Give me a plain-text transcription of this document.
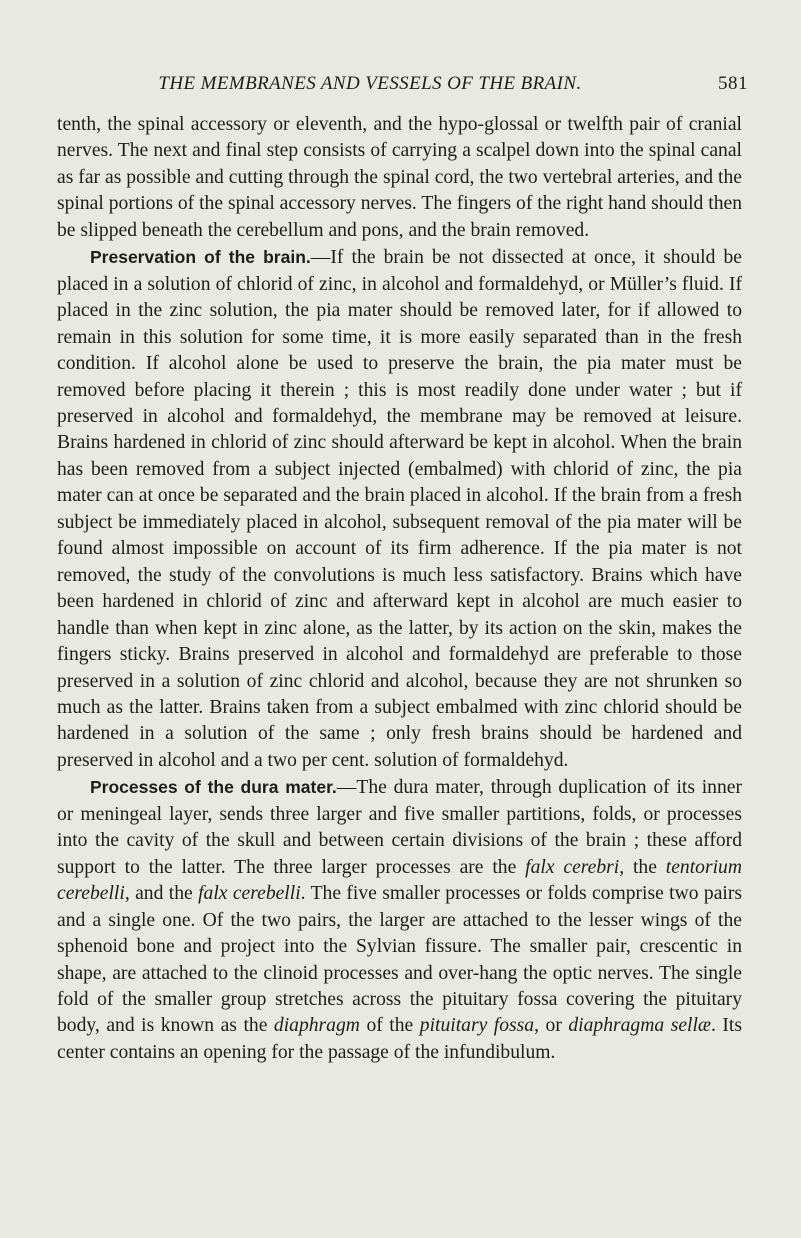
THE MEMBRANES AND VESSELS OF THE BRAIN.	581

tenth, the spinal accessory or eleventh, and the hypo-glossal or twelfth pair of cranial nerves. The next and final step consists of carrying a scalpel down into the spinal canal as far as possible and cutting through the spinal cord, the two vertebral arteries, and the spinal portions of the spinal accessory nerves. The fingers of the right hand should then be slipped beneath the cerebellum and pons, and the brain removed.

Preservation of the brain.—If the brain be not dissected at once, it should be placed in a solution of chlorid of zinc, in alcohol and formaldehyd, or Müller’s fluid. If placed in the zinc solution, the pia mater should be removed later, for if allowed to remain in this solution for some time, it is more easily separated than in the fresh condition. If alcohol alone be used to preserve the brain, the pia mater must be removed before placing it therein ; this is most readily done under water ; but if preserved in alcohol and formaldehyd, the membrane may be removed at leisure. Brains hardened in chlorid of zinc should afterward be kept in alcohol. When the brain has been removed from a subject injected (embalmed) with chlorid of zinc, the pia mater can at once be separated and the brain placed in alcohol. If the brain from a fresh subject be immediately placed in alcohol, subsequent removal of the pia mater will be found almost impossible on account of its firm adherence. If the pia mater is not removed, the study of the convolutions is much less satisfactory. Brains which have been hardened in chlorid of zinc and afterward kept in alcohol are much easier to handle than when kept in zinc alone, as the latter, by its action on the skin, makes the fingers sticky. Brains preserved in alcohol and formaldehyd are preferable to those preserved in a solution of zinc chlorid and alcohol, because they are not shrunken so much as the latter. Brains taken from a subject embalmed with zinc chlorid should be hardened in a solution of the same ; only fresh brains should be hardened and preserved in alcohol and a two per cent. solution of formaldehyd.

Processes of the dura mater.—The dura mater, through duplication of its inner or meningeal layer, sends three larger and five smaller partitions, folds, or processes into the cavity of the skull and between certain divisions of the brain ; these afford support to the latter. The three larger processes are the falx cerebri, the tentorium cerebelli, and the falx cerebelli. The five smaller processes or folds comprise two pairs and a single one. Of the two pairs, the larger are attached to the lesser wings of the sphenoid bone and project into the Sylvian fissure. The smaller pair, crescentic in shape, are attached to the clinoid processes and over-hang the optic nerves. The single fold of the smaller group stretches across the pituitary fossa covering the pituitary body, and is known as the diaphragm of the pituitary fossa, or diaphragma sellæ. Its center contains an opening for the passage of the infundibulum.
